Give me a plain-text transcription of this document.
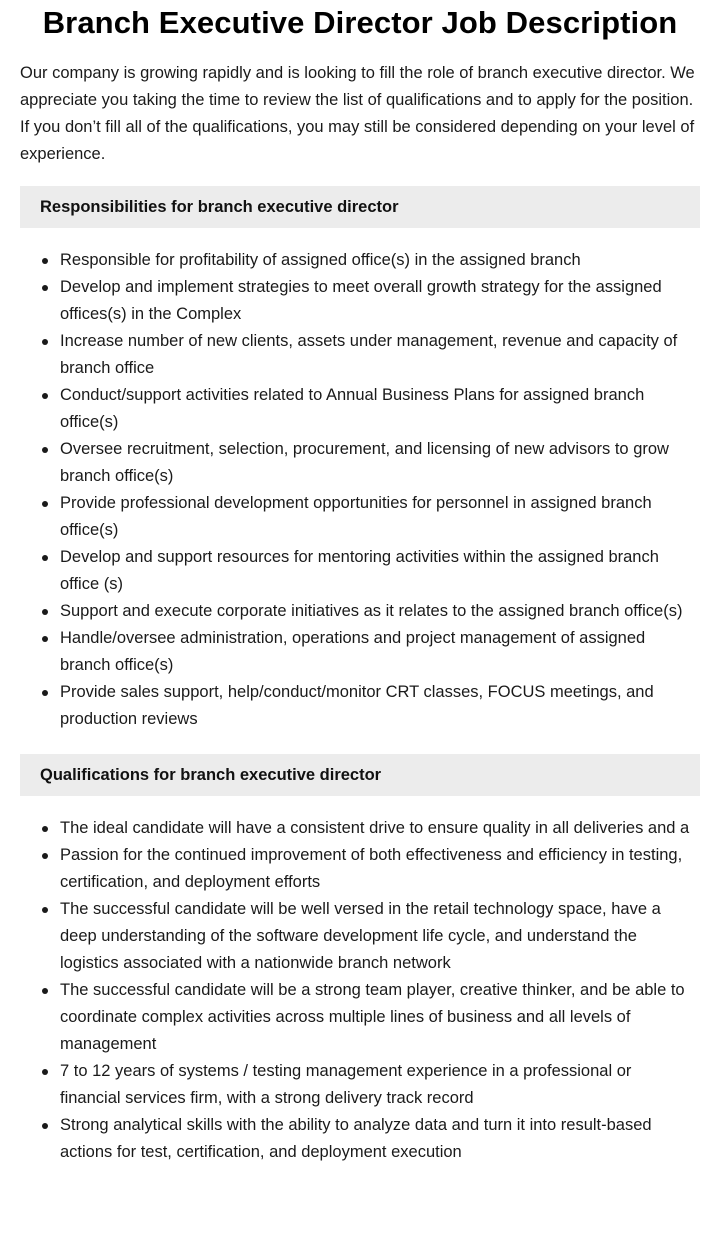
Branch Executive Director Job Description

Our company is growing rapidly and is looking to fill the role of branch executive director. We appreciate you taking the time to review the list of qualifications and to apply for the position. If you don’t fill all of the qualifications, you may still be considered depending on your level of experience.

Responsibilities for branch executive director
Responsible for profitability of assigned office(s) in the assigned branch
Develop and implement strategies to meet overall growth strategy for the assigned offices(s) in the Complex
Increase number of new clients, assets under management, revenue and capacity of branch office
Conduct/support activities related to Annual Business Plans for assigned branch office(s)
Oversee recruitment, selection, procurement, and licensing of new advisors to grow branch office(s)
Provide professional development opportunities for personnel in assigned branch office(s)
Develop and support resources for mentoring activities within the assigned branch office (s)
Support and execute corporate initiatives as it relates to the assigned branch office(s)
Handle/oversee administration, operations and project management of assigned branch office(s)
Provide sales support, help/conduct/monitor CRT classes, FOCUS meetings, and production reviews
Qualifications for branch executive director
The ideal candidate will have a consistent drive to ensure quality in all deliveries and a
Passion for the continued improvement of both effectiveness and efficiency in testing, certification, and deployment efforts
The successful candidate will be well versed in the retail technology space, have a deep understanding of the software development life cycle, and understand the logistics associated with a nationwide branch network
The successful candidate will be a strong team player, creative thinker, and be able to coordinate complex activities across multiple lines of business and all levels of management
7 to 12 years of systems / testing management experience in a professional or financial services firm, with a strong delivery track record
Strong analytical skills with the ability to analyze data and turn it into result-based actions for test, certification, and deployment execution
